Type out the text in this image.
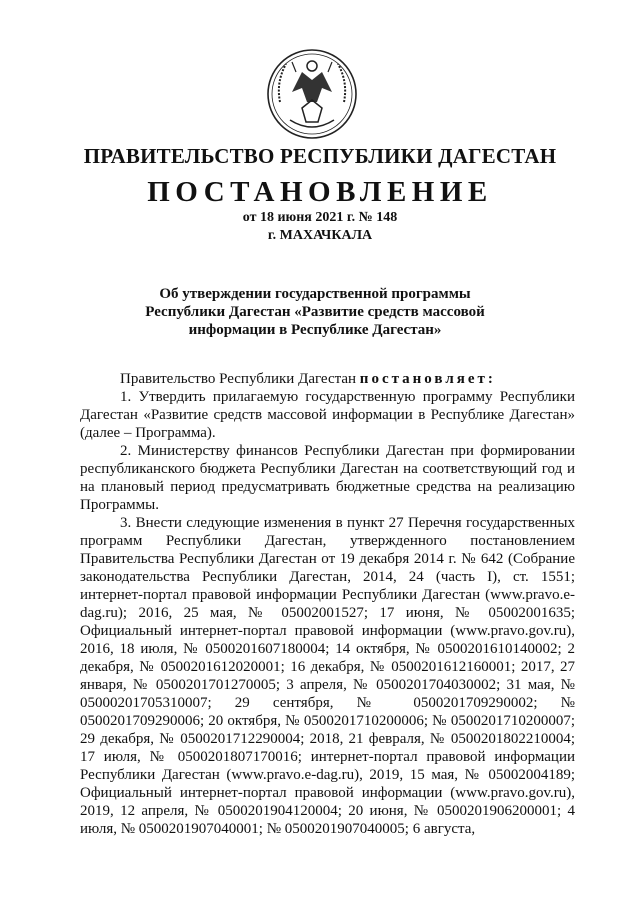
ПРАВИТЕЛЬСТВО РЕСПУБЛИКИ ДАГЕСТАН
ПОСТАНОВЛЕНИЕ
от 18 июня 2021 г. № 148
г. МАХАЧКАЛА
Об утверждении государственной программы Республики Дагестан «Развитие средств массовой информации в Республике Дагестан»

Правительство Республики Дагестан постановляет:

1. Утвердить прилагаемую государственную программу Республики Дагестан «Развитие средств массовой информации в Республике Дагестан» (далее – Программа).

2. Министерству финансов Республики Дагестан при формировании республиканского бюджета Республики Дагестан на соответствующий год и на плановый период предусматривать бюджетные средства на реализацию Программы.

3. Внести следующие изменения в пункт 27 Перечня государственных программ Республики Дагестан, утвержденного постановлением Правительства Республики Дагестан от 19 декабря 2014 г. № 642 (Собрание законодательства Республики Дагестан, 2014, 24 (часть I), ст. 1551; интернет-портал правовой информации Республики Дагестан (www.pravo.e-dag.ru); 2016, 25 мая, № 05002001527; 17 июня, № 05002001635; Официальный интернет-портал правовой информации (www.pravo.gov.ru), 2016, 18 июля, № 0500201607180004; 14 октября, № 0500201610140002; 2 декабря, № 0500201612020001; 16 декабря, № 0500201612160001; 2017, 27 января, № 0500201701270005; 3 апреля, № 0500201704030002; 31 мая, № 05000201705310007; 29 сентября, № 0500201709290002; № 0500201709290006; 20 октября, № 0500201710200006; № 0500201710200007; 29 декабря, № 0500201712290004; 2018, 21 февраля, № 0500201802210004; 17 июля, № 0500201807170016; интернет-портал правовой информации Республики Дагестан (www.pravo.e-dag.ru), 2019, 15 мая, № 05002004189; Официальный интернет-портал правовой информации (www.pravo.gov.ru), 2019, 12 апреля, № 0500201904120004; 20 июня, № 0500201906200001; 4 июля, № 0500201907040001; № 0500201907040005; 6 августа,
